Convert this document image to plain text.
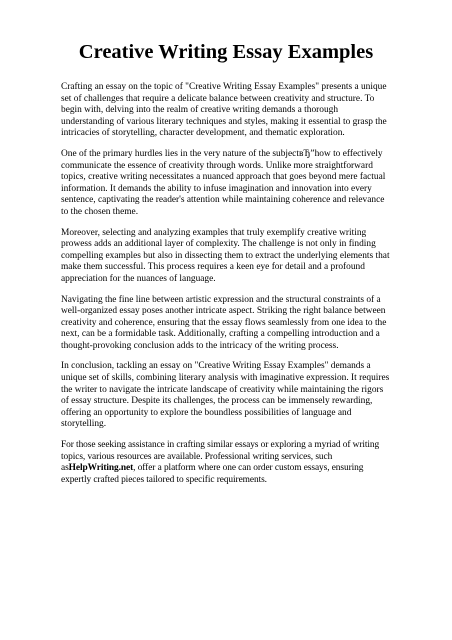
Creative Writing Essay Examples

Crafting an essay on the topic of "Creative Writing Essay Examples" presents a unique set of challenges that require a delicate balance between creativity and structure. To begin with, delving into the realm of creative writing demands a thorough understanding of various literary techniques and styles, making it essential to grasp the intricacies of storytelling, character development, and thematic exploration.

One of the primary hurdles lies in the very nature of the subjectвЂ”how to effectively communicate the essence of creativity through words. Unlike more straightforward topics, creative writing necessitates a nuanced approach that goes beyond mere factual information. It demands the ability to infuse imagination and innovation into every sentence, captivating the reader's attention while maintaining coherence and relevance to the chosen theme.

Moreover, selecting and analyzing examples that truly exemplify creative writing prowess adds an additional layer of complexity. The challenge is not only in finding compelling examples but also in dissecting them to extract the underlying elements that make them successful. This process requires a keen eye for detail and a profound appreciation for the nuances of language.

Navigating the fine line between artistic expression and the structural constraints of a well-organized essay poses another intricate aspect. Striking the right balance between creativity and coherence, ensuring that the essay flows seamlessly from one idea to the next, can be a formidable task. Additionally, crafting a compelling introduction and a thought-provoking conclusion adds to the intricacy of the writing process.

In conclusion, tackling an essay on "Creative Writing Essay Examples" demands a unique set of skills, combining literary analysis with imaginative expression. It requires the writer to navigate the intricate landscape of creativity while maintaining the rigors of essay structure. Despite its challenges, the process can be immensely rewarding, offering an opportunity to explore the boundless possibilities of language and storytelling.

For those seeking assistance in crafting similar essays or exploring a myriad of writing topics, various resources are available. Professional writing services, such asHelpWriting.net, offer a platform where one can order custom essays, ensuring expertly crafted pieces tailored to specific requirements.
